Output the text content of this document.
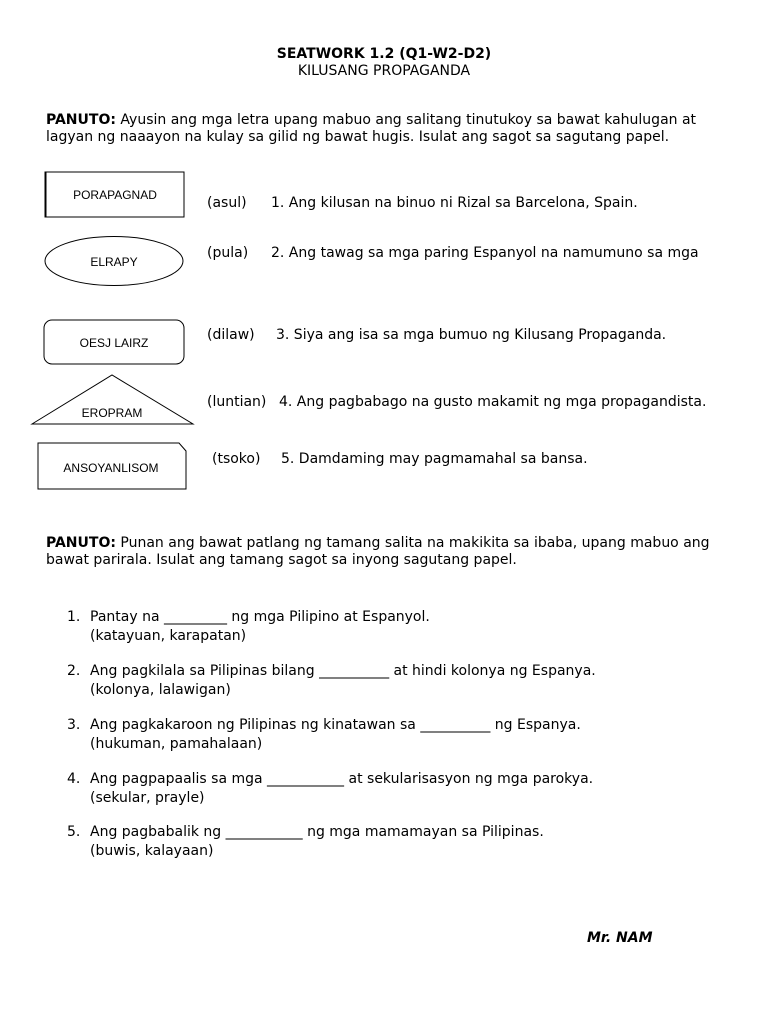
SEATWORK 1.2 (Q1-W2-D2)
KILUSANG PROPAGANDA
PANUTO: Ayusin ang mga letra upang mabuo ang salitang tinutukoy sa bawat kahulugan at lagyan ng naaayon na kulay sa gilid ng bawat hugis. Isulat ang sagot sa sagutang papel.
PORAPAGNAD
ELRAPY
OESJ LAIRZ
EROPRAM
ANSOYANLISOM
(asul)
(pula)
(dilaw)
(luntian)
(tsoko)
1. Ang kilusan na binuo ni Rizal sa Barcelona, Spain.
2. Ang tawag sa mga paring Espanyol na namumuno sa mga
3. Siya ang isa sa mga bumuo ng Kilusang Propaganda.
4. Ang pagbabago na gusto makamit ng mga propagandista.
5. Damdaming may pagmamahal sa bansa.
PANUTO: Punan ang bawat patlang ng tamang salita na makikita sa ibaba, upang mabuo ang bawat parirala. Isulat ang tamang sagot sa inyong sagutang papel.
1. Pantay na _________ ng mga Pilipino at Espanyol.
(katayuan, karapatan)
2. Ang pagkilala sa Pilipinas bilang __________ at hindi kolonya ng Espanya.
(kolonya, lalawigan)
3. Ang pagkakaroon ng Pilipinas ng kinatawan sa __________ ng Espanya.
(hukuman, pamahalaan)
4. Ang pagpapaalis sa mga ___________ at sekularisasyon ng mga parokya.
(sekular, prayle)
5. Ang pagbabalik ng ___________ ng mga mamamayan sa Pilipinas.
(buwis, kalayaan)
Mr. NAM
